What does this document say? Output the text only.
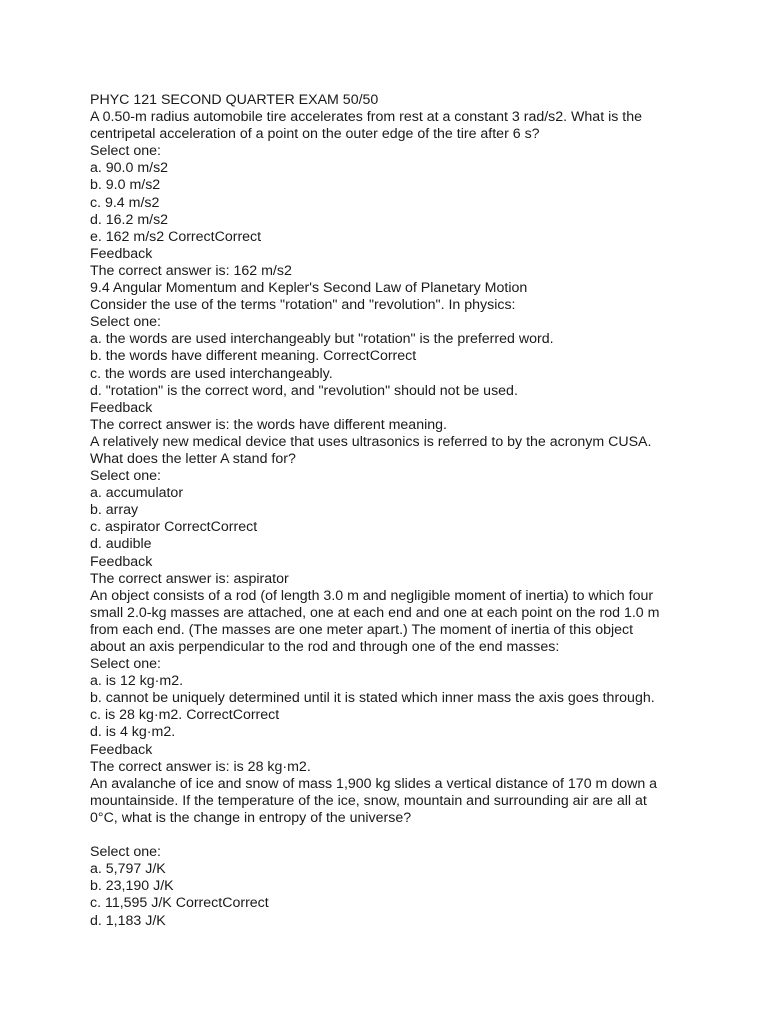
PHYC 121 SECOND QUARTER EXAM 50/50
A 0.50-m radius automobile tire accelerates from rest at a constant 3 rad/s2. What is the
centripetal acceleration of a point on the outer edge of the tire after 6 s?
Select one:
a. 90.0 m/s2
b. 9.0 m/s2
c. 9.4 m/s2
d. 16.2 m/s2
e. 162 m/s2 CorrectCorrect
Feedback
The correct answer is: 162 m/s2
9.4 Angular Momentum and Kepler's Second Law of Planetary Motion
Consider the use of the terms "rotation" and "revolution". In physics:
Select one:
a. the words are used interchangeably but "rotation" is the preferred word.
b. the words have different meaning. CorrectCorrect
c. the words are used interchangeably.
d. "rotation" is the correct word, and "revolution" should not be used.
Feedback
The correct answer is: the words have different meaning.
A relatively new medical device that uses ultrasonics is referred to by the acronym CUSA.
What does the letter A stand for?
Select one:
a. accumulator
b. array
c. aspirator CorrectCorrect
d. audible
Feedback
The correct answer is: aspirator
An object consists of a rod (of length 3.0 m and negligible moment of inertia) to which four
small 2.0-kg masses are attached, one at each end and one at each point on the rod 1.0 m
from each end. (The masses are one meter apart.) The moment of inertia of this object
about an axis perpendicular to the rod and through one of the end masses:
Select one:
a. is 12 kg·m2.
b. cannot be uniquely determined until it is stated which inner mass the axis goes through.
c. is 28 kg·m2. CorrectCorrect
d. is 4 kg·m2.
Feedback
The correct answer is: is 28 kg·m2.
An avalanche of ice and snow of mass 1,900 kg slides a vertical distance of 170 m down a
mountainside. If the temperature of the ice, snow, mountain and surrounding air are all at
0°C, what is the change in entropy of the universe?
Select one:
a. 5,797 J/K
b. 23,190 J/K
c. 11,595 J/K CorrectCorrect
d. 1,183 J/K
